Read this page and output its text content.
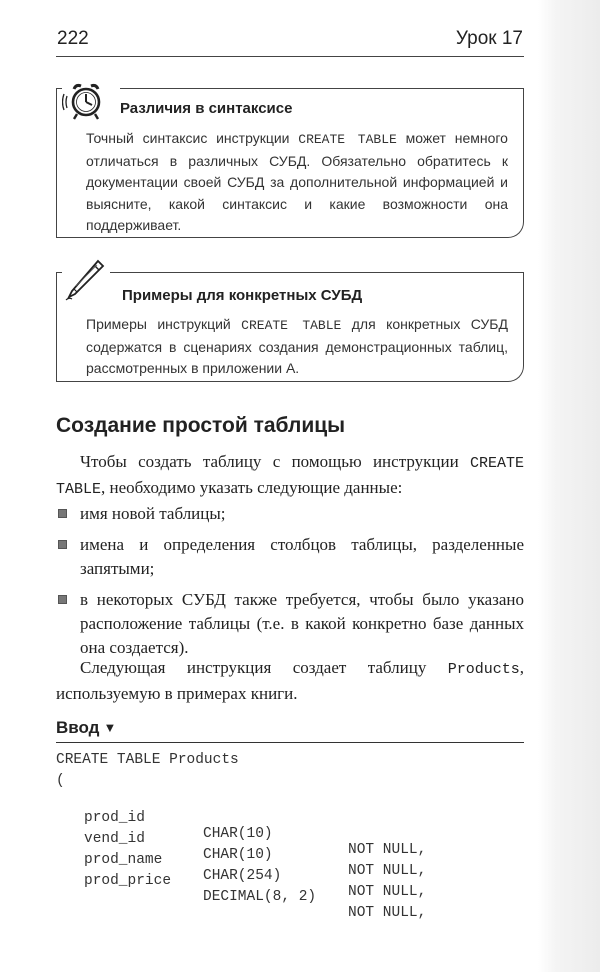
222	Урок 17
Различия в синтаксисе
Точный синтаксис инструкции CREATE TABLE может немного отличаться в различных СУБД. Обязательно обратитесь к документации своей СУБД за дополнительной информацией и выясните, какой синтаксис и какие возможности она поддерживает.
Примеры для конкретных СУБД
Примеры инструкций CREATE TABLE для конкретных СУБД содержатся в сценариях создания демонстрационных таблиц, рассмотренных в приложении А.
Создание простой таблицы
Чтобы создать таблицу с помощью инструкции CREATE TABLE, необходимо указать следующие данные:
имя новой таблицы;
имена и определения столбцов таблицы, разделенные запятыми;
в некоторых СУБД также требуется, чтобы было указано расположение таблицы (т.е. в какой конкретно базе данных она создается).
Следующая инструкция создает таблицу Products, используемую в примерах книги.
Ввод ▼
CREATE TABLE Products
(

prod_id

CHAR(10)

NOT NULL,

vend_id

CHAR(10)

NOT NULL,

prod_name

CHAR(254)

NOT NULL,

prod_price

DECIMAL(8, 2)

NOT NULL,
